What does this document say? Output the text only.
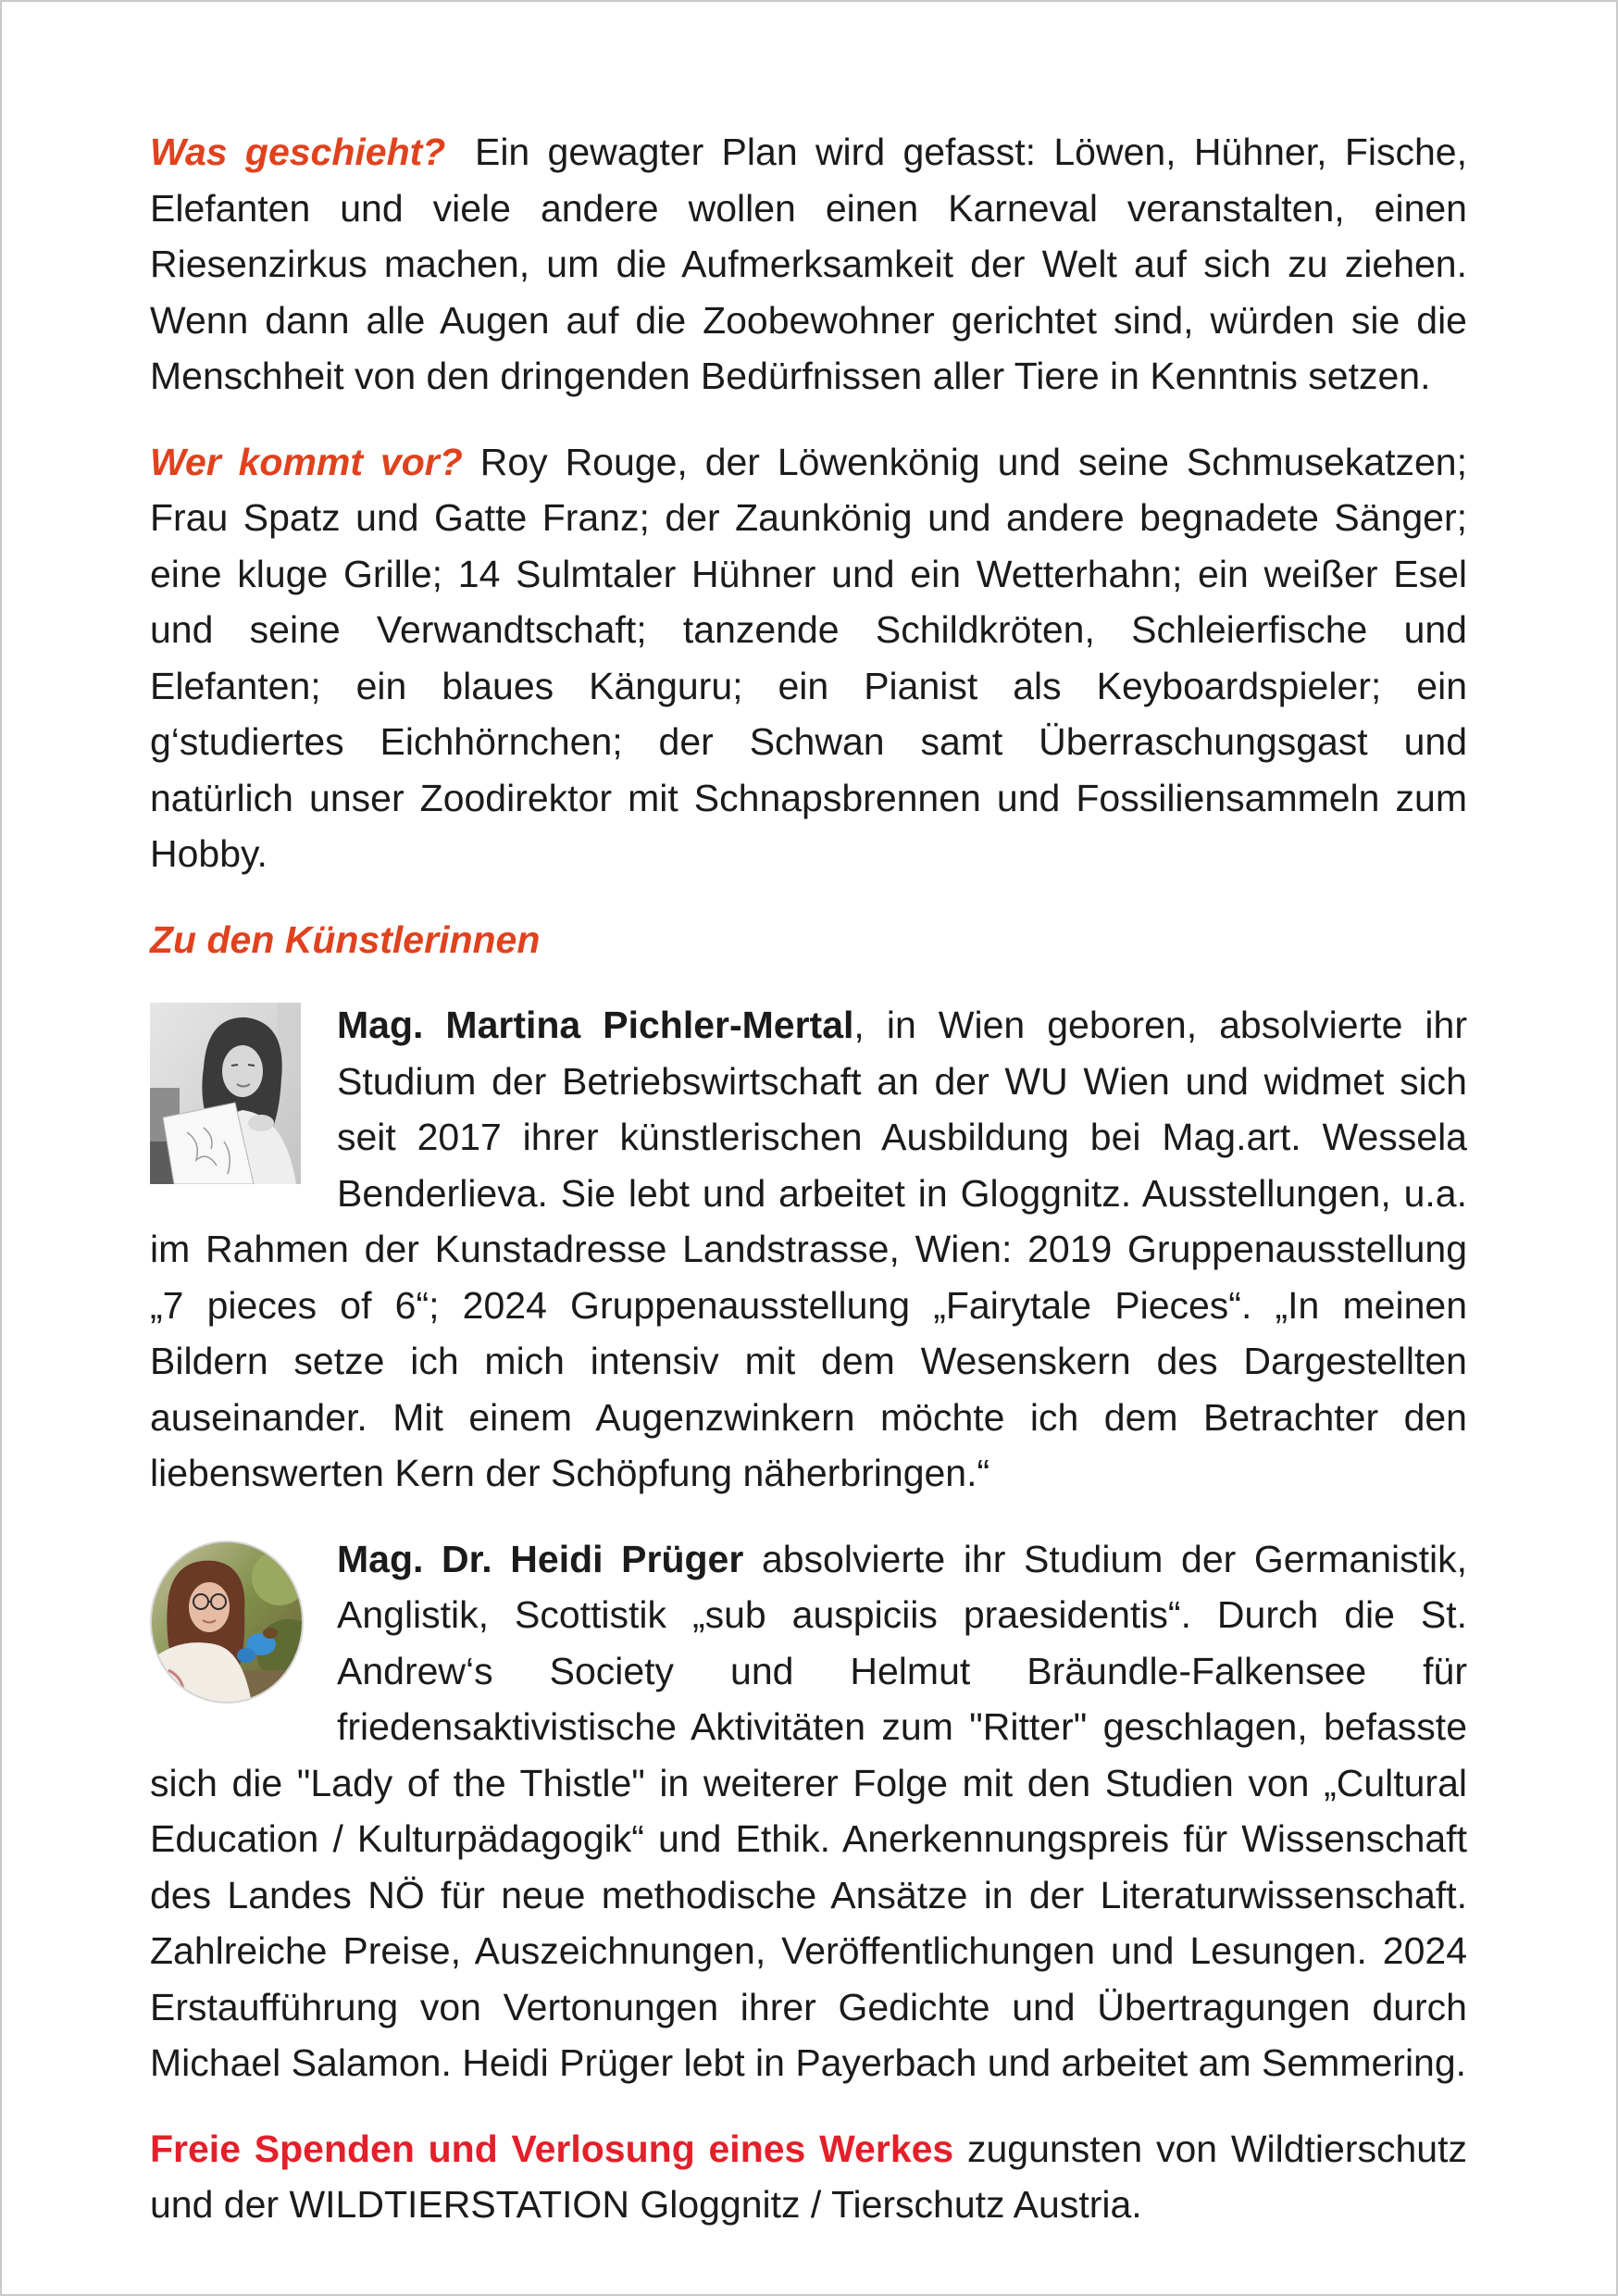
Was geschieht? Ein gewagter Plan wird gefasst: Löwen, Hühner, Fische, Elefanten und viele andere wollen einen Karneval veranstalten, einen Riesenzirkus machen, um die Aufmerksamkeit der Welt auf sich zu ziehen. Wenn dann alle Augen auf die Zoobewohner gerichtet sind, würden sie die Menschheit von den dringenden Bedürfnissen aller Tiere in Kenntnis setzen.

Wer kommt vor? Roy Rouge, der Löwenkönig und seine Schmusekatzen; Frau Spatz und Gatte Franz; der Zaunkönig und andere begnadete Sänger; eine kluge Grille; 14 Sulmtaler Hühner und ein Wetterhahn; ein weißer Esel und seine Verwandtschaft; tanzende Schildkröten, Schleierfische und Elefanten; ein blaues Känguru; ein Pianist als Keyboardspieler; ein g‘studiertes Eichhörnchen; der Schwan samt Überraschungsgast und natürlich unser Zoodirektor mit Schnapsbrennen und Fossiliensammeln zum Hobby.

Zu den Künstlerinnen

Mag. Martina Pichler-Mertal, in Wien geboren, absolvierte ihr Studium der Betriebswirtschaft an der WU Wien und widmet sich seit 2017 ihrer künstlerischen Ausbildung bei Mag.art. Wessela Benderlieva. Sie lebt und arbeitet in Gloggnitz. Ausstellungen, u.a. im Rahmen der Kunstadresse Landstrasse, Wien: 2019 Gruppenausstellung „7 pieces of 6“; 2024 Gruppenausstellung „Fairytale Pieces“. „In meinen Bildern setze ich mich intensiv mit dem Wesenskern des Dargestellten auseinander. Mit einem Augenzwinkern möchte ich dem Betrachter den liebenswerten Kern der Schöpfung näherbringen.“

Mag. Dr. Heidi Prüger absolvierte ihr Studium der Germanistik, Anglistik, Scottistik „sub auspiciis praesidentis“. Durch die St. Andrew‘s Society und Helmut Bräundle-Falkensee für friedensaktivistische Aktivitäten zum "Ritter" geschlagen, befasste sich die "Lady of the Thistle" in weiterer Folge mit den Studien von „Cultural Education / Kulturpädagogik“ und Ethik. Anerkennungspreis für Wissenschaft des Landes NÖ für neue methodische Ansätze in der Literaturwissenschaft. Zahlreiche Preise, Auszeichnungen, Veröffentlichungen und Lesungen. 2024 Erstaufführung von Vertonungen ihrer Gedichte und Übertragungen durch Michael Salamon. Heidi Prüger lebt in Payerbach und arbeitet am Semmering.

Freie Spenden und Verlosung eines Werkes zugunsten von Wildtierschutz und der WILDTIERSTATION Gloggnitz / Tierschutz Austria.
